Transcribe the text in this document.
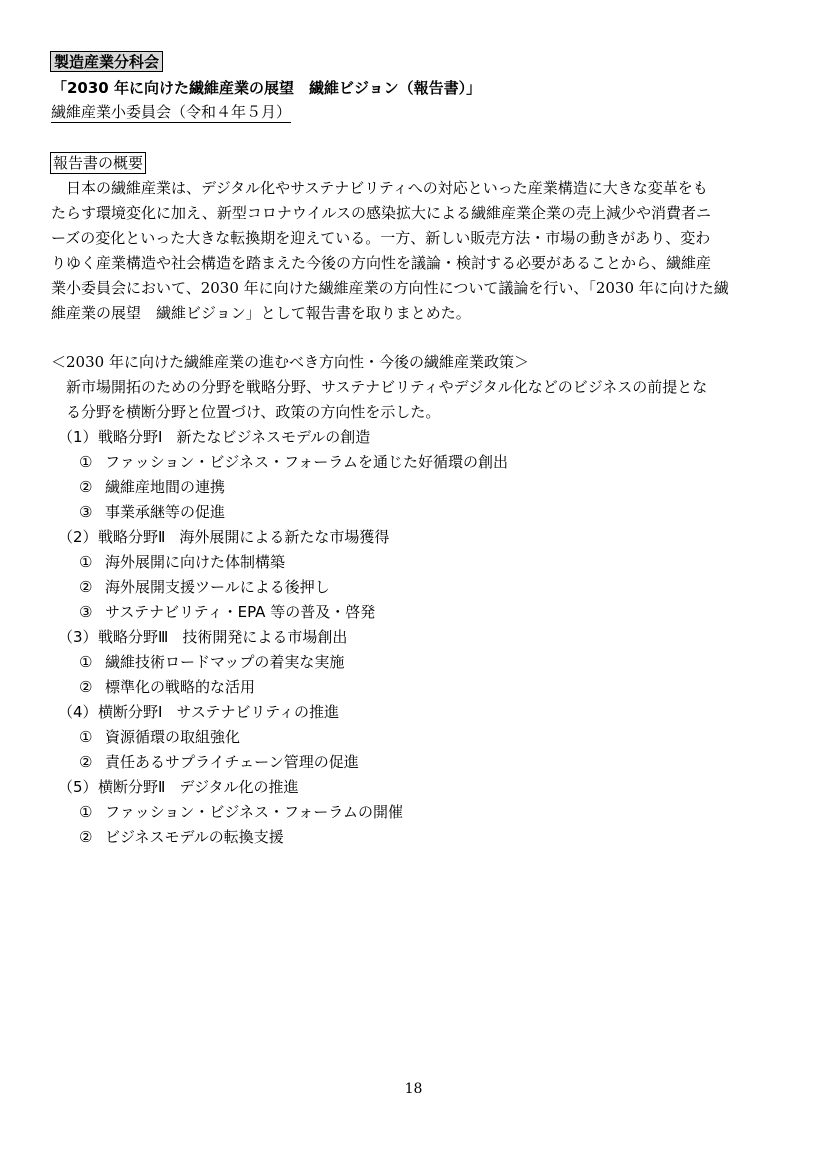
製造産業分科会
「2030 年に向けた繊維産業の展望　繊維ビジョン（報告書）」
繊維産業小委員会（令和４年５月）
報告書の概要
　日本の繊維産業は、デジタル化やサステナビリティへの対応といった産業構造に大きな変革をも
たらす環境変化に加え、新型コロナウイルスの感染拡大による繊維産業企業の売上減少や消費者ニ
ーズの変化といった大きな転換期を迎えている。一方、新しい販売方法・市場の動きがあり、変わ
りゆく産業構造や社会構造を踏まえた今後の方向性を議論・検討する必要があることから、繊維産
業小委員会において、2030 年に向けた繊維産業の方向性について議論を行い、「2030 年に向けた繊
維産業の展望　繊維ビジョン」として報告書を取りまとめた。
＜2030 年に向けた繊維産業の進むべき方向性・今後の繊維産業政策＞
新市場開拓のための分野を戦略分野、サステナビリティやデジタル化などのビジネスの前提とな
る分野を横断分野と位置づけ、政策の方向性を示した。
（1）戦略分野Ⅰ 新たなビジネスモデルの創造
① ファッション・ビジネス・フォーラムを通じた好循環の創出
② 繊維産地間の連携
③ 事業承継等の促進
（2）戦略分野Ⅱ 海外展開による新たな市場獲得
① 海外展開に向けた体制構築
② 海外展開支援ツールによる後押し
③ サステナビリティ・EPA 等の普及・啓発
（3）戦略分野Ⅲ 技術開発による市場創出
① 繊維技術ロードマップの着実な実施
② 標準化の戦略的な活用
（4）横断分野Ⅰ サステナビリティの推進
① 資源循環の取組強化
② 責任あるサプライチェーン管理の促進
（5）横断分野Ⅱ デジタル化の推進
① ファッション・ビジネス・フォーラムの開催
② ビジネスモデルの転換支援
18
